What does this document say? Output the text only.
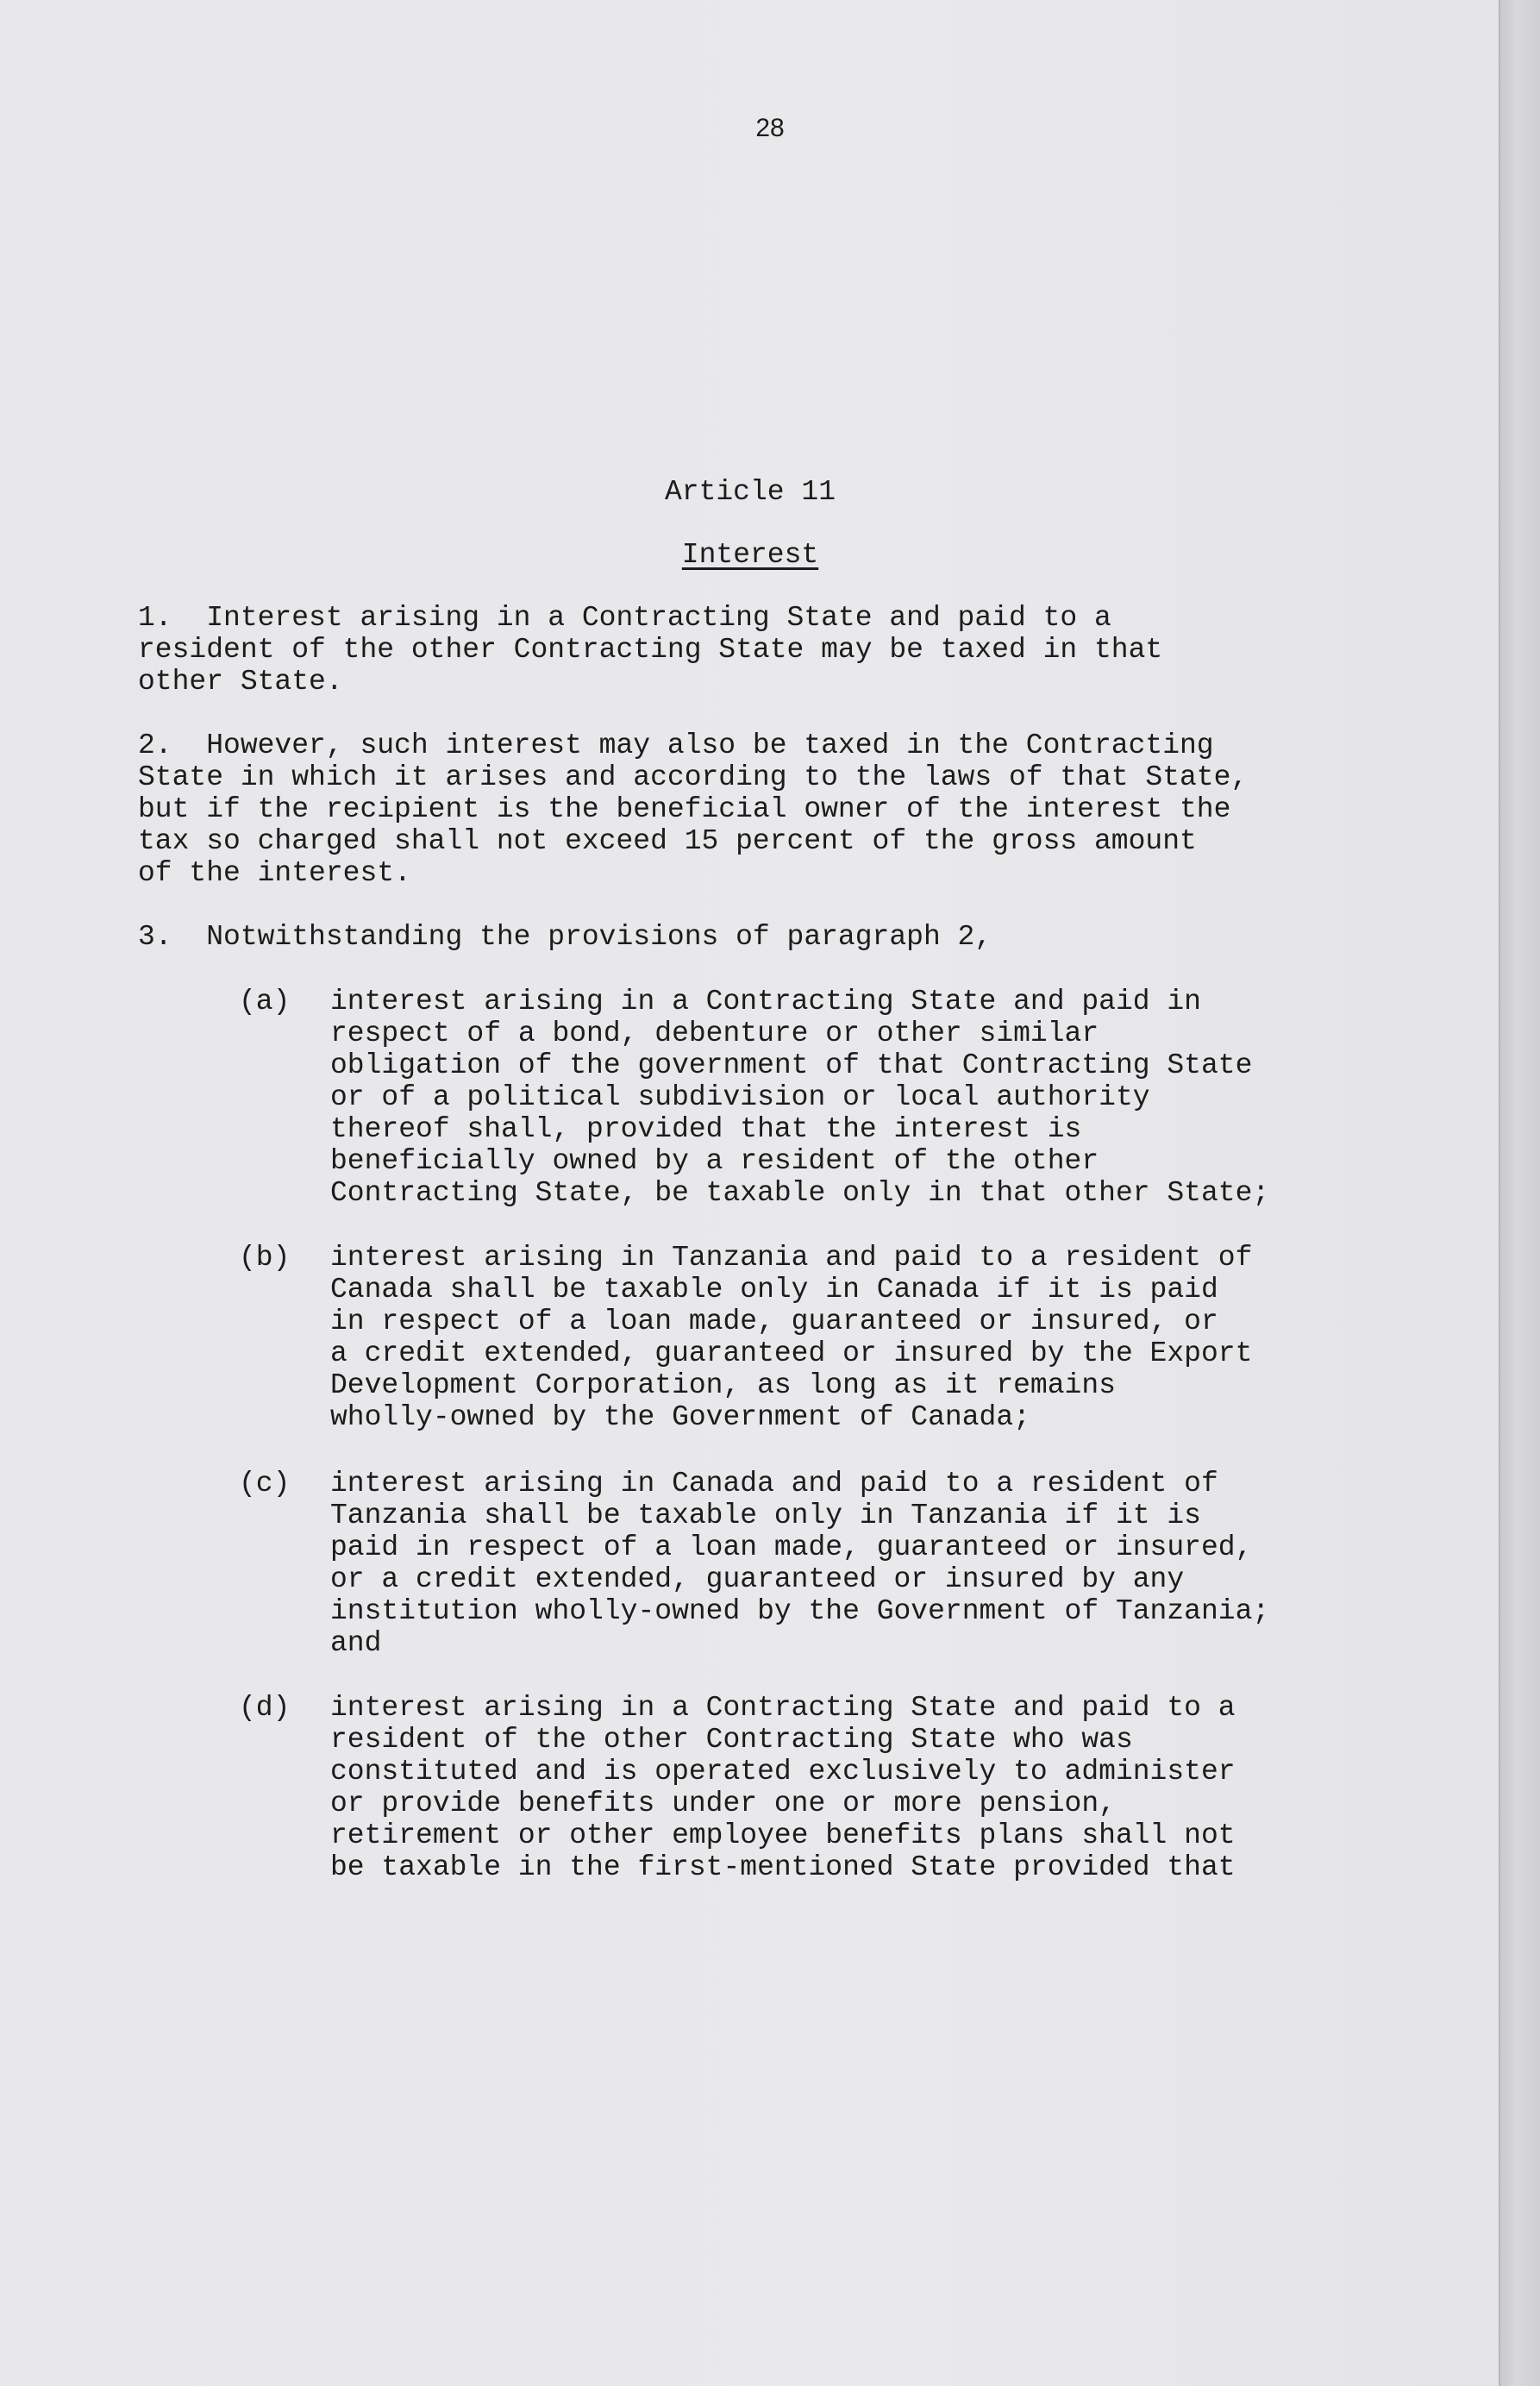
28
Article 11
Interest
1.  Interest arising in a Contracting State and paid to a
resident of the other Contracting State may be taxed in that
other State.
2.  However, such interest may also be taxed in the Contracting
State in which it arises and according to the laws of that State,
but if the recipient is the beneficial owner of the interest the
tax so charged shall not exceed 15 percent of the gross amount
of the interest.
3.  Notwithstanding the provisions of paragraph 2,
(a) interest arising in a Contracting State and paid in
respect of a bond, debenture or other similar
obligation of the government of that Contracting State
or of a political subdivision or local authority
thereof shall, provided that the interest is
beneficially owned by a resident of the other
Contracting State, be taxable only in that other State;
(b) interest arising in Tanzania and paid to a resident of
Canada shall be taxable only in Canada if it is paid
in respect of a loan made, guaranteed or insured, or
a credit extended, guaranteed or insured by the Export
Development Corporation, as long as it remains
wholly-owned by the Government of Canada;
(c) interest arising in Canada and paid to a resident of
Tanzania shall be taxable only in Tanzania if it is
paid in respect of a loan made, guaranteed or insured,
or a credit extended, guaranteed or insured by any
institution wholly-owned by the Government of Tanzania;
and
(d) interest arising in a Contracting State and paid to a
resident of the other Contracting State who was
constituted and is operated exclusively to administer
or provide benefits under one or more pension,
retirement or other employee benefits plans shall not
be taxable in the first-mentioned State provided that
